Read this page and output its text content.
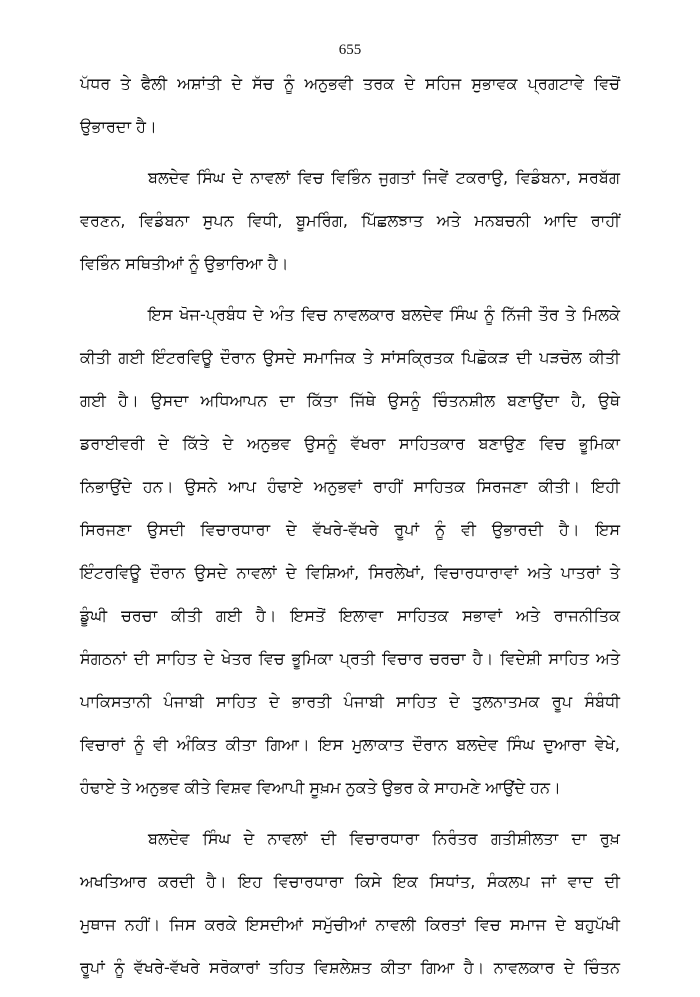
655
ਪੱਧਰ ਤੇ ਫੈਲੀ ਅਸ਼ਾਂਤੀ ਦੇ ਸੱਚ ਨੂੰ ਅਨੁਭਵੀ ਤਰਕ ਦੇ ਸਹਿਜ ਸੁਭਾਵਕ ਪ੍ਰਗਟਾਵੇ ਵਿਚੋਂ
ਉਭਾਰਦਾ ਹੈ।
ਬਲਦੇਵ ਸਿੰਘ ਦੇ ਨਾਵਲਾਂ ਵਿਚ ਵਿਭਿੰਨ ਜੁਗਤਾਂ ਜਿਵੇਂ ਟਕਰਾਉ, ਵਿਡੰਬਨਾ, ਸਰਬੱਗ
ਵਰਣਨ, ਵਿਡੰਬਨਾ ਸੁਪਨ ਵਿਧੀ, ਬੂਮਰਿੰਗ, ਪਿੱਛਲਝਾਤ ਅਤੇ ਮਨਬਚਨੀ ਆਦਿ ਰਾਹੀਂ
ਵਿਭਿੰਨ ਸਥਿਤੀਆਂ ਨੂੰ ਉਭਾਰਿਆ ਹੈ।
ਇਸ ਖੋਜ-ਪ੍ਰਬੰਧ ਦੇ ਅੰਤ ਵਿਚ ਨਾਵਲਕਾਰ ਬਲਦੇਵ ਸਿੰਘ ਨੂੰ ਨਿੱਜੀ ਤੌਰ ਤੇ ਮਿਲਕੇ
ਕੀਤੀ ਗਈ ਇੰਟਰਵਿਊ ਦੌਰਾਨ ਉਸਦੇ ਸਮਾਜਿਕ ਤੇ ਸਾਂਸਕ੍ਰਿਤਕ ਪਿਛੋਕੜ ਦੀ ਪੜਚੋਲ ਕੀਤੀ
ਗਈ ਹੈ। ਉਸਦਾ ਅਧਿਆਪਨ ਦਾ ਕਿੱਤਾ ਜਿੱਥੇ ਉਸਨੂੰ ਚਿੰਤਨਸ਼ੀਲ ਬਣਾਉਂਦਾ ਹੈ, ਉਥੇ
ਡਰਾਈਵਰੀ ਦੇ ਕਿੱਤੇ ਦੇ ਅਨੁਭਵ ਉਸਨੂੰ ਵੱਖਰਾ ਸਾਹਿਤਕਾਰ ਬਣਾਉਣ ਵਿਚ ਭੂਮਿਕਾ
ਨਿਭਾਉਂਦੇ ਹਨ। ਉਸਨੇ ਆਪ ਹੰਢਾਏ ਅਨੁਭਵਾਂ ਰਾਹੀਂ ਸਾਹਿਤਕ ਸਿਰਜਣਾ ਕੀਤੀ। ਇਹੀ
ਸਿਰਜਣਾ ਉਸਦੀ ਵਿਚਾਰਧਾਰਾ ਦੇ ਵੱਖਰੇ-ਵੱਖਰੇ ਰੂਪਾਂ ਨੂੰ ਵੀ ਉਭਾਰਦੀ ਹੈ। ਇਸ
ਇੰਟਰਵਿਊ ਦੌਰਾਨ ਉਸਦੇ ਨਾਵਲਾਂ ਦੇ ਵਿਸ਼ਿਆਂ, ਸਿਰਲੇਖਾਂ, ਵਿਚਾਰਧਾਰਾਵਾਂ ਅਤੇ ਪਾਤਰਾਂ ਤੇ
ਡੂੰਘੀ ਚਰਚਾ ਕੀਤੀ ਗਈ ਹੈ। ਇਸਤੋਂ ਇਲਾਵਾ ਸਾਹਿਤਕ ਸਭਾਵਾਂ ਅਤੇ ਰਾਜਨੀਤਿਕ
ਸੰਗਠਨਾਂ ਦੀ ਸਾਹਿਤ ਦੇ ਖੇਤਰ ਵਿਚ ਭੂਮਿਕਾ ਪ੍ਰਤੀ ਵਿਚਾਰ ਚਰਚਾ ਹੈ। ਵਿਦੇਸ਼ੀ ਸਾਹਿਤ ਅਤੇ
ਪਾਕਿਸਤਾਨੀ ਪੰਜਾਬੀ ਸਾਹਿਤ ਦੇ ਭਾਰਤੀ ਪੰਜਾਬੀ ਸਾਹਿਤ ਦੇ ਤੁਲਨਾਤਮਕ ਰੂਪ ਸੰਬੰਧੀ
ਵਿਚਾਰਾਂ ਨੂੰ ਵੀ ਅੰਕਿਤ ਕੀਤਾ ਗਿਆ। ਇਸ ਮੁਲਾਕਾਤ ਦੌਰਾਨ ਬਲਦੇਵ ਸਿੰਘ ਦੁਆਰਾ ਵੇਖੇ,
ਹੰਢਾਏ ਤੇ ਅਨੁਭਵ ਕੀਤੇ ਵਿਸ਼ਵ ਵਿਆਪੀ ਸੂਖ਼ਮ ਨੁਕਤੇ ਉਭਰ ਕੇ ਸਾਹਮਣੇ ਆਉਂਦੇ ਹਨ।
ਬਲਦੇਵ ਸਿੰਘ ਦੇ ਨਾਵਲਾਂ ਦੀ ਵਿਚਾਰਧਾਰਾ ਨਿਰੰਤਰ ਗਤੀਸ਼ੀਲਤਾ ਦਾ ਰੁਖ਼
ਅਖਤਿਆਰ ਕਰਦੀ ਹੈ। ਇਹ ਵਿਚਾਰਧਾਰਾ ਕਿਸੇ ਇਕ ਸਿਧਾਂਤ, ਸੰਕਲਪ ਜਾਂ ਵਾਦ ਦੀ
ਮੁਥਾਜ ਨਹੀਂ। ਜਿਸ ਕਰਕੇ ਇਸਦੀਆਂ ਸਮੁੱਚੀਆਂ ਨਾਵਲੀ ਕਿਰਤਾਂ ਵਿਚ ਸਮਾਜ ਦੇ ਬਹੁਪੱਖੀ
ਰੂਪਾਂ ਨੂੰ ਵੱਖਰੇ-ਵੱਖਰੇ ਸਰੋਕਾਰਾਂ ਤਹਿਤ ਵਿਸ਼ਲੇਸ਼ਤ ਕੀਤਾ ਗਿਆ ਹੈ। ਨਾਵਲਕਾਰ ਦੇ ਚਿੰਤਨ
